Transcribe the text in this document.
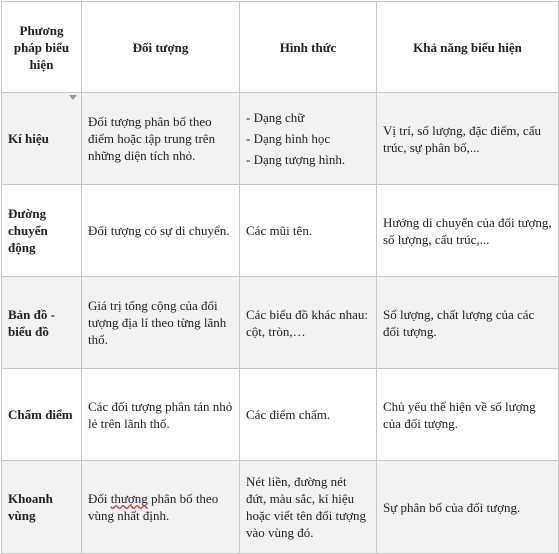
Phương pháp biểu hiện	Đối tượng	Hình thức	Khả năng biểu hiện
Kí hiệu	Đối tượng phân bố theo điểm hoặc tập trung trên những diện tích nhỏ.	- Dạng chữ
- Dạng hình học
- Dạng tượng hình.	Vị trí, số lượng, đặc điểm, cấu trúc, sự phân bố,...
Đường chuyển động	Đối tượng có sự di chuyển.	Các mũi tên.	Hướng di chuyển của đối tượng, số lượng, cấu trúc,...
Bản đồ - biểu đồ	Giá trị tổng cộng của đối tượng địa lí theo từng lãnh thổ.	Các biểu đồ khác nhau: cột, tròn,…	Số lượng, chất lượng của các đối tượng.
Chấm điểm	Các đối tượng phân tán nhỏ lẻ trên lãnh thổ.	Các điểm chấm.	Chủ yếu thể hiện về số lượng của đối tượng.
Khoanh vùng	Đối thượng phân bố theo vùng nhất định.	Nét liền, đường nét đứt, màu sắc, kí hiệu hoặc viết tên đối tượng vào vùng đó.	Sự phân bố của đối tượng.
